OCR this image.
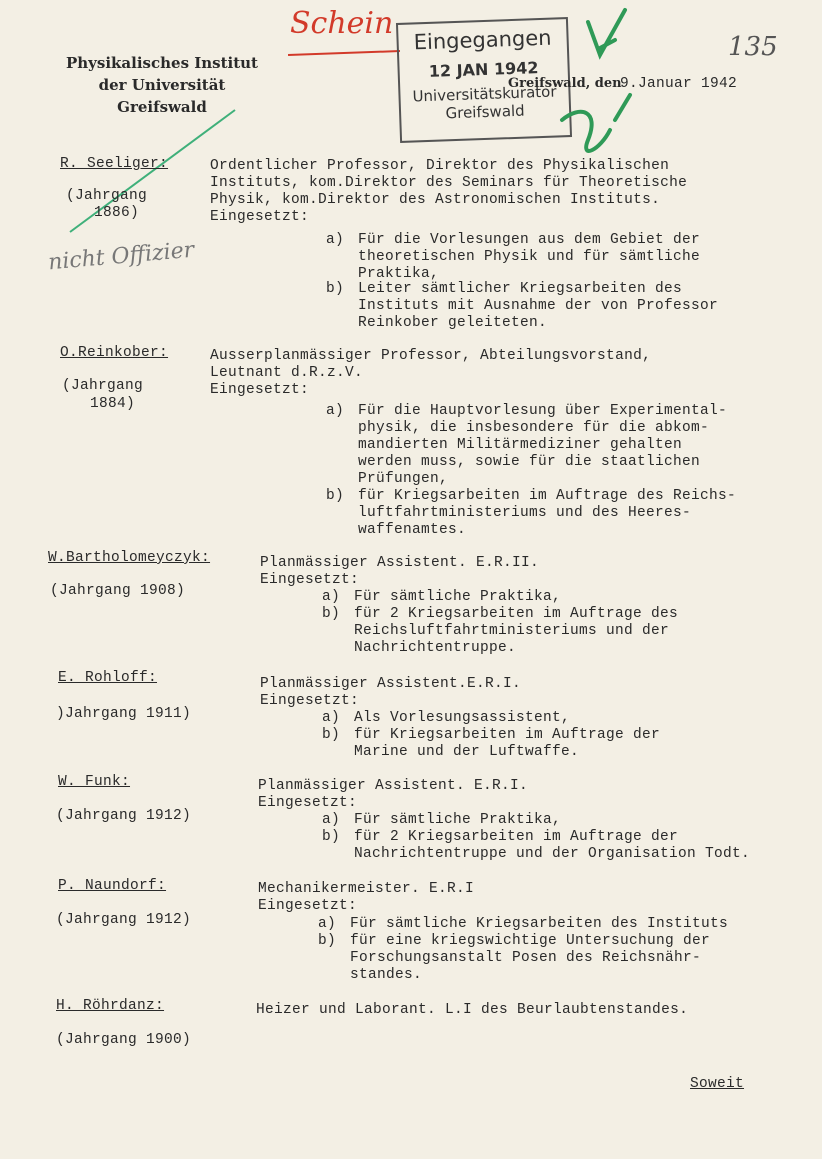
Physikalisches Institut
der Universität
Greifswald
Schein
135
Eingegangen
12 JAN 1942
Universitätskurator
Greifswald
Greifswald, den
9.Januar 1942
nicht Offizier
R. Seeliger:
(Jahrgang
1886)
Ordentlicher Professor, Direktor des Physikalischen
Instituts, kom.Direktor des Seminars für Theoretische
Physik, kom.Direktor des Astronomischen Instituts.
Eingesetzt:
a) Für die Vorlesungen aus dem Gebiet der
theoretischen Physik und für sämtliche
Praktika,
b) Leiter sämtlicher Kriegsarbeiten des
Instituts mit Ausnahme der von Professor
Reinkober geleiteten.
O.Reinkober:
(Jahrgang
1884)
Ausserplanmässiger Professor, Abteilungsvorstand,
Leutnant d.R.z.V.
Eingesetzt:
a) Für die Hauptvorlesung über Experimental-
physik, die insbesondere für die abkom-
mandierten Militärmediziner gehalten
werden muss, sowie für die staatlichen
Prüfungen,
b) für Kriegsarbeiten im Auftrage des Reichs-
luftfahrtministeriums und des Heeres-
waffenamtes.
W.Bartholomeyczyk:
(Jahrgang 1908)
Planmässiger Assistent. E.R.II.
Eingesetzt:
a) Für sämtliche Praktika,
b) für 2 Kriegsarbeiten im Auftrage des
Reichsluftfahrtministeriums und der
Nachrichtentruppe.
E. Rohloff:
)Jahrgang 1911)
Planmässiger Assistent.E.R.I.
Eingesetzt:
a) Als Vorlesungsassistent,
b) für Kriegsarbeiten im Auftrage der
Marine und der Luftwaffe.
W. Funk:
(Jahrgang 1912)
Planmässiger Assistent. E.R.I.
Eingesetzt:
a) Für sämtliche Praktika,
b) für 2 Kriegsarbeiten im Auftrage der
Nachrichtentruppe und der Organisation Todt.
P. Naundorf:
(Jahrgang 1912)
Mechanikermeister. E.R.I
Eingesetzt:
a) Für sämtliche Kriegsarbeiten des Instituts
b) für eine kriegswichtige Untersuchung der
Forschungsanstalt Posen des Reichsnähr-
standes.
H. Röhrdanz:
(Jahrgang 1900)
Heizer und Laborant. L.I des Beurlaubtenstandes.
Soweit
